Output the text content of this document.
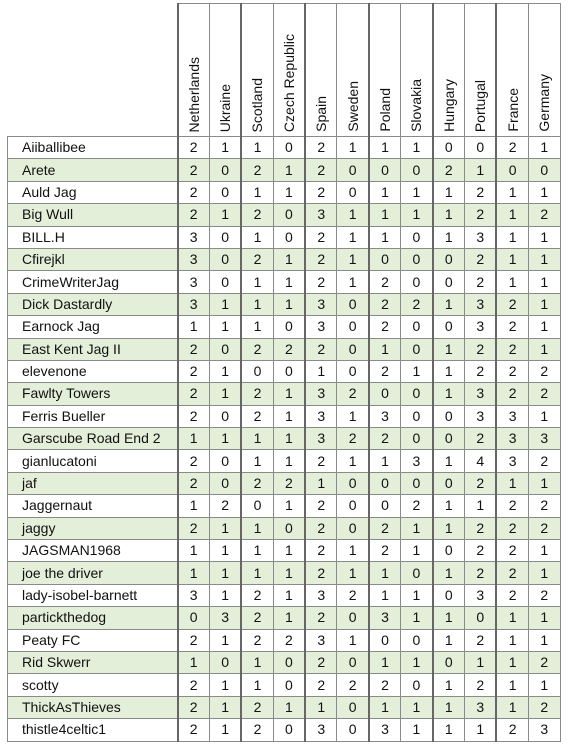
	Netherlands	Ukraine	Scotland	Czech Republic	Spain	Sweden	Poland	Slovakia	Hungary	Portugal	France	Germany

Aiiballibee	2	1	1	0	2	1	1	1	0	0	2	1
Arete	2	0	2	1	2	0	0	0	2	1	0	0
Auld Jag	2	0	1	1	2	0	1	1	1	2	1	1
Big Wull	2	1	2	0	3	1	1	1	1	2	1	2
BILL.H	3	0	1	0	2	1	1	0	1	3	1	1
Cfirejkl	3	0	2	1	2	1	0	0	0	2	1	1
CrimeWriterJag	3	0	1	1	2	1	2	0	0	2	1	1
Dick Dastardly	3	1	1	1	3	0	2	2	1	3	2	1
Earnock Jag	1	1	1	0	3	0	2	0	0	3	2	1
East Kent Jag II	2	0	2	2	2	0	1	0	1	2	2	1
elevenone	2	1	0	0	1	0	2	1	1	2	2	2
Fawlty Towers	2	1	2	1	3	2	0	0	1	3	2	2
Ferris Bueller	2	0	2	1	3	1	3	0	0	3	3	1
Garscube Road End 2	1	1	1	1	3	2	2	0	0	2	3	3
gianlucatoni	2	0	1	1	2	1	1	3	1	4	3	2
jaf	2	0	2	2	1	0	0	0	0	2	1	1
Jaggernaut	1	2	0	1	2	0	0	2	1	1	2	2
jaggy	2	1	1	0	2	0	2	1	1	2	2	2
JAGSMAN1968	1	1	1	1	2	1	2	1	0	2	2	1
joe the driver	1	1	1	1	2	1	1	0	1	2	2	1
lady-isobel-barnett	3	1	2	1	3	2	1	1	0	3	2	2
partickthedog	0	3	2	1	2	0	3	1	1	0	1	1
Peaty FC	2	1	2	2	3	1	0	0	1	2	1	1
Rid Skwerr	1	0	1	0	2	0	1	1	0	1	1	2
scotty	2	1	1	0	2	2	2	0	1	2	1	1
ThickAsThieves	2	1	2	1	1	0	1	1	1	3	1	2
thistle4celtic1	2	1	2	0	3	0	3	1	1	1	2	3
